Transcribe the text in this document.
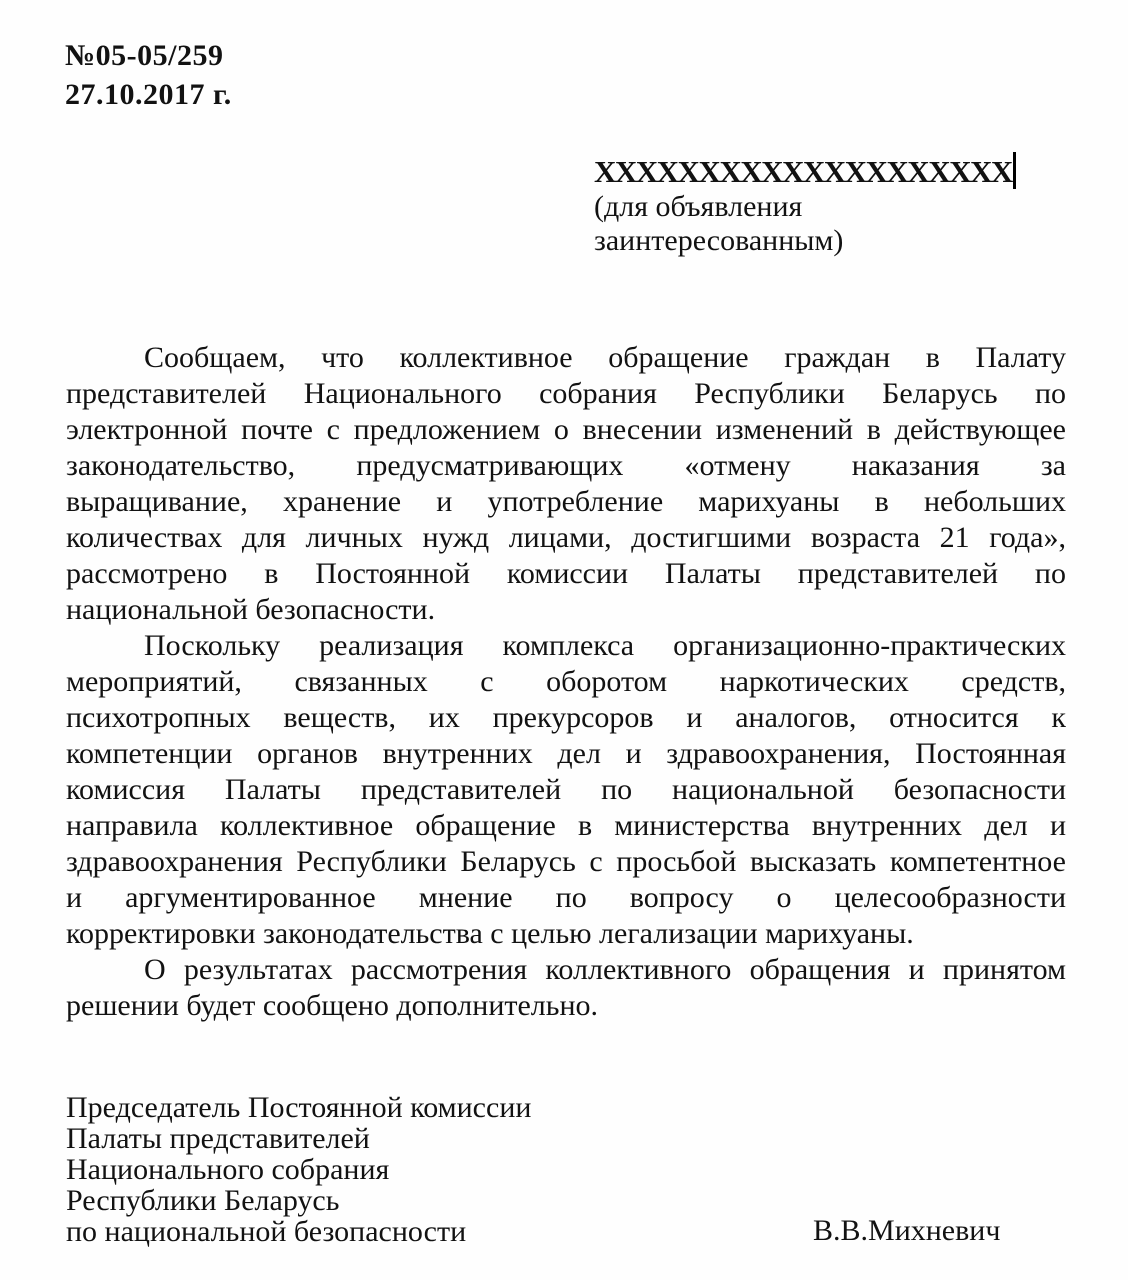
№05-05/259
27.10.2017 г.
XXXXXXXXXXXXXXXXXXXX
(для объявления
заинтересованным)
Сообщаем, что коллективное обращение граждан в Палату
представителей Национального собрания Республики Беларусь по
электронной почте с предложением о внесении изменений в действующее
законодательство, предусматривающих «отмену наказания за
выращивание, хранение и употребление марихуаны в небольших
количествах для личных нужд лицами, достигшими возраста 21 года»,
рассмотрено в Постоянной комиссии Палаты представителей по
национальной безопасности.
Поскольку реализация комплекса организационно-практических
мероприятий, связанных с оборотом наркотических средств,
психотропных веществ, их прекурсоров и аналогов, относится к
компетенции органов внутренних дел и здравоохранения, Постоянная
комиссия Палаты представителей по национальной безопасности
направила коллективное обращение в министерства внутренних дел и
здравоохранения Республики Беларусь с просьбой высказать компетентное
и аргументированное мнение по вопросу о целесообразности
корректировки законодательства с целью легализации марихуаны.
О результатах рассмотрения коллективного обращения и принятом
решении будет сообщено дополнительно.
Председатель Постоянной комиссии
Палаты представителей
Национального собрания
Республики Беларусь
по национальной безопасности	В.В.Михневич
